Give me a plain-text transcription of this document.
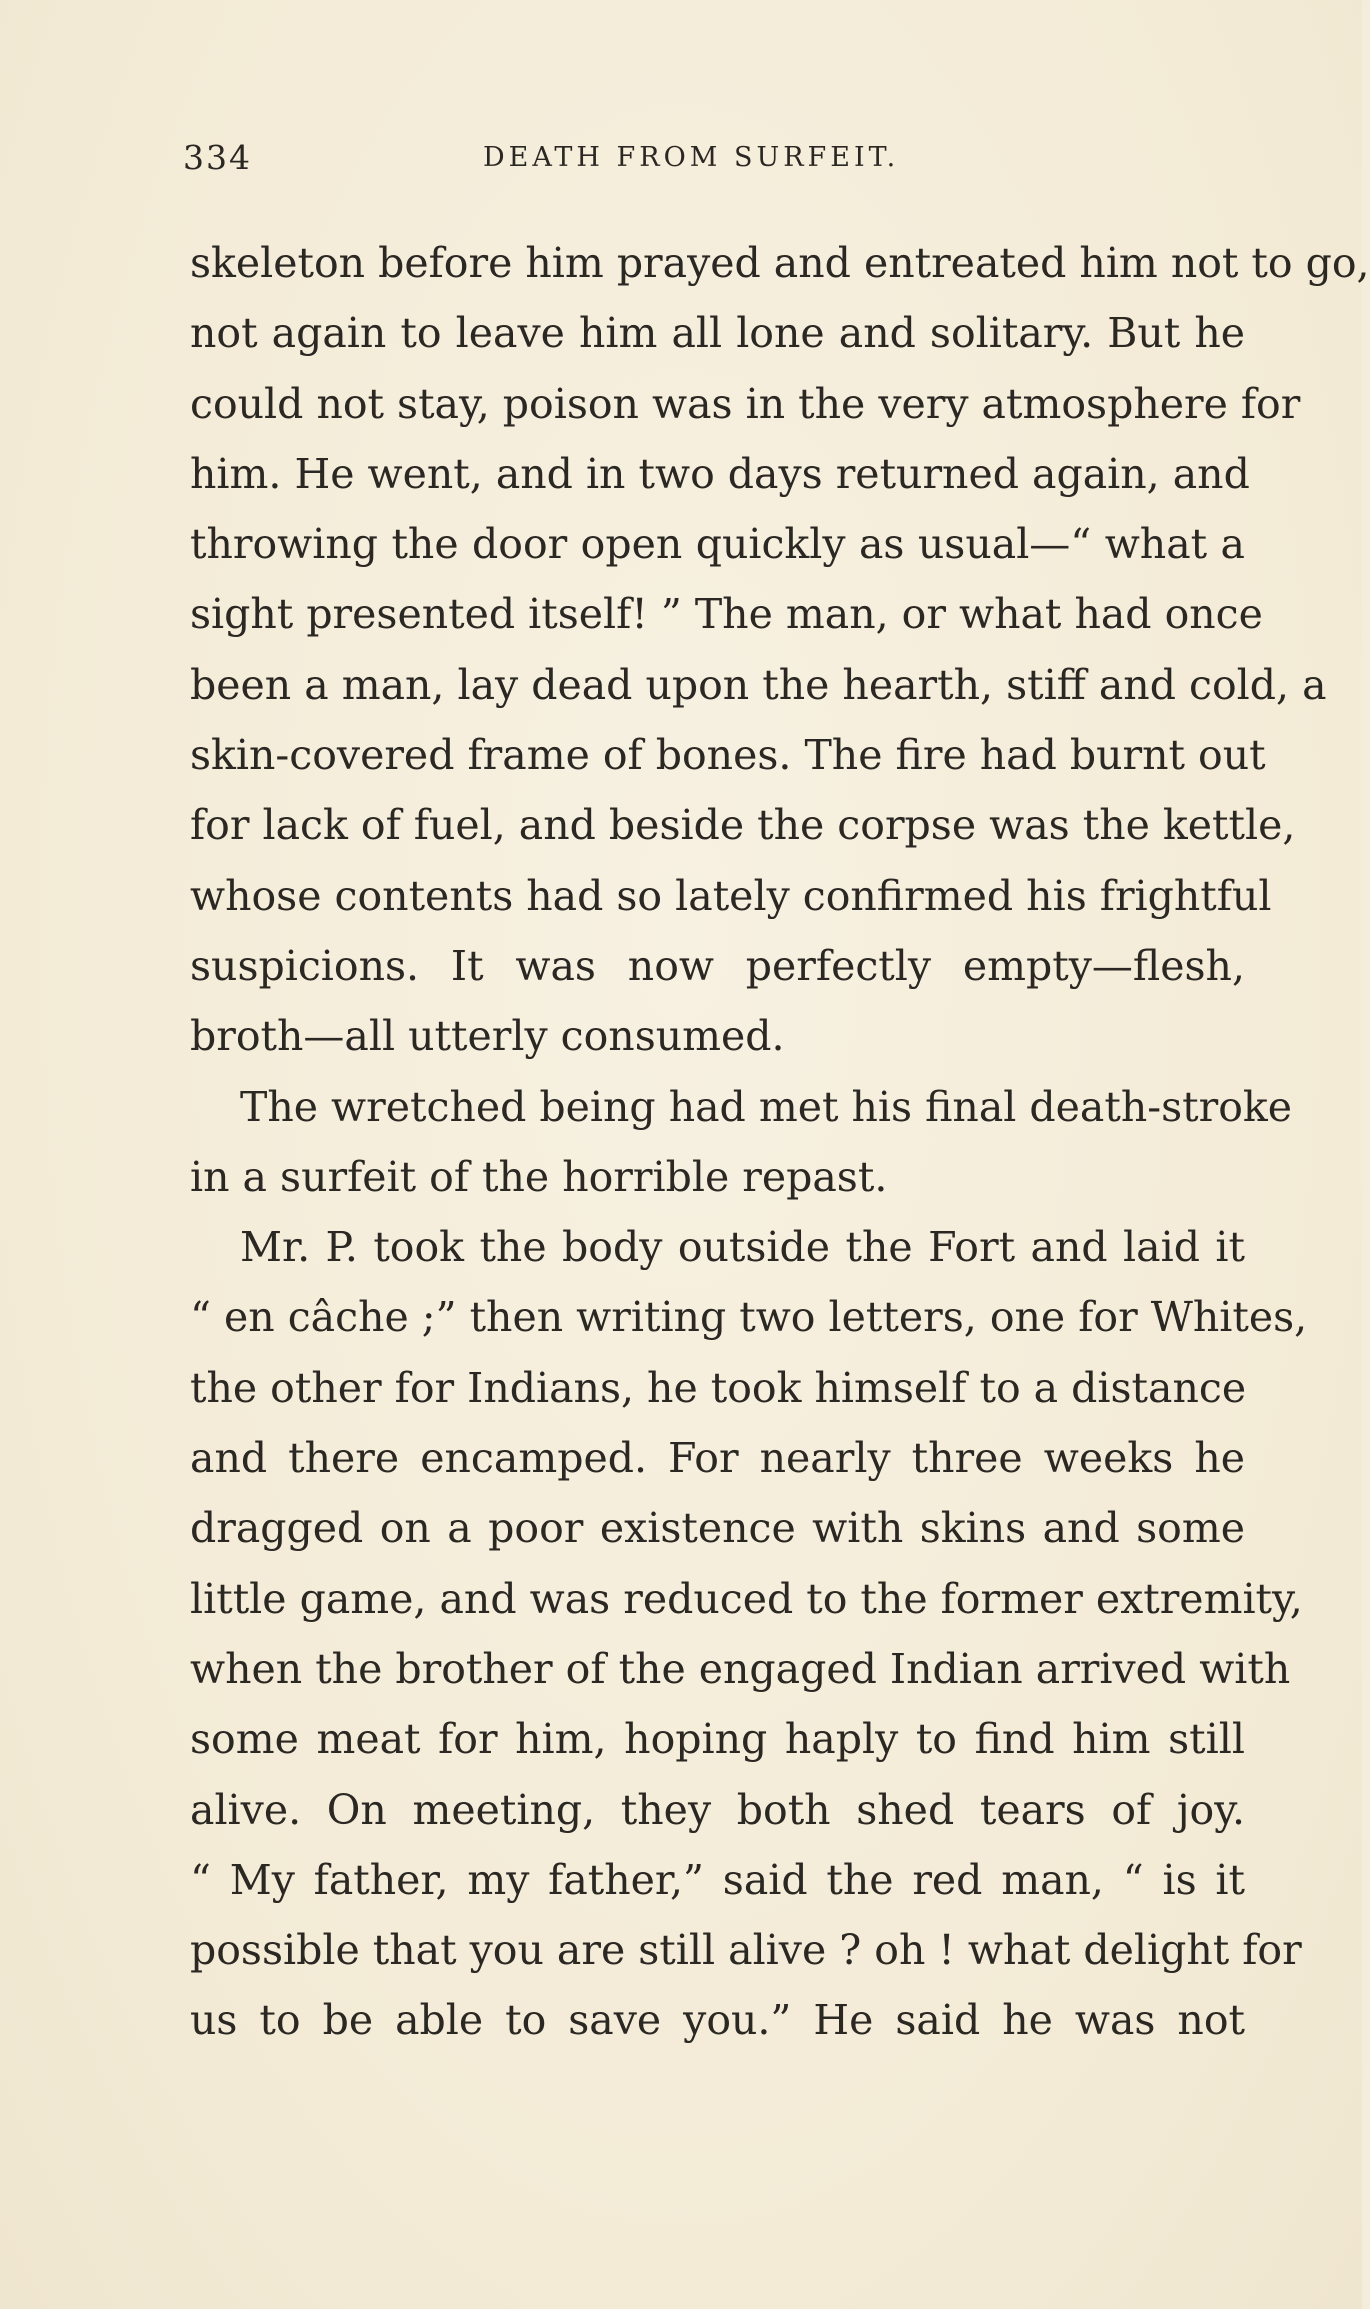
334	DEATH FROM SURFEIT.
skeleton before him prayed and entreated him not to go,
not again to leave him all lone and solitary. But he
could not stay, poison was in the very atmosphere for
him. He went, and in two days returned again, and
throwing the door open quickly as usual—“ what a
sight presented itself! ” The man, or what had once
been a man, lay dead upon the hearth, stiff and cold, a
skin-covered frame of bones. The fire had burnt out
for lack of fuel, and beside the corpse was the kettle,
whose contents had so lately confirmed his frightful
suspicions. It was now perfectly empty—flesh,
broth—all utterly consumed.
The wretched being had met his final death-stroke
in a surfeit of the horrible repast.
Mr. P. took the body outside the Fort and laid it
“ en câche ;” then writing two letters, one for Whites,
the other for Indians, he took himself to a distance
and there encamped. For nearly three weeks he
dragged on a poor existence with skins and some
little game, and was reduced to the former extremity,
when the brother of the engaged Indian arrived with
some meat for him, hoping haply to find him still
alive. On meeting, they both shed tears of joy.
“ My father, my father,” said the red man, “ is it
possible that you are still alive ? oh ! what delight for
us to be able to save you.” He said he was not
